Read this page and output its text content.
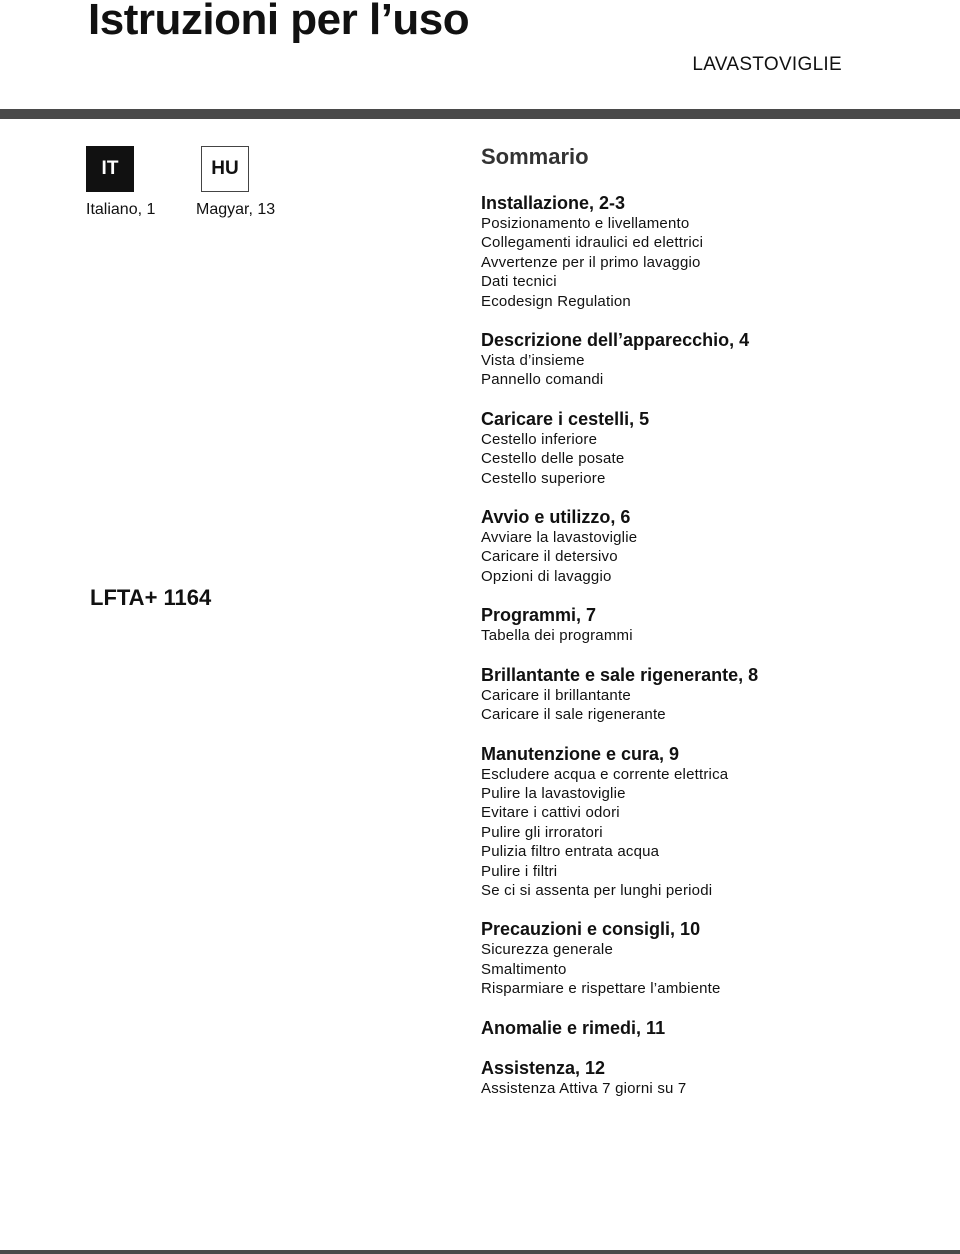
Istruzioni per l’uso
LAVASTOVIGLIE
IT	HU
Italiano, 1	Magyar, 13
LFTA+ 1164
Sommario
Installazione, 2-3
Posizionamento e livellamento
Collegamenti idraulici ed elettrici
Avvertenze per il primo lavaggio
Dati tecnici
Ecodesign Regulation
Descrizione dell’apparecchio, 4
Vista d’insieme
Pannello comandi
Caricare i cestelli, 5
Cestello inferiore
Cestello delle posate
Cestello superiore
Avvio e utilizzo, 6
Avviare la lavastoviglie
Caricare il detersivo
Opzioni di lavaggio
Programmi, 7
Tabella dei programmi
Brillantante e sale rigenerante, 8
Caricare il brillantante
Caricare il sale rigenerante
Manutenzione e cura, 9
Escludere acqua e corrente elettrica
Pulire la lavastoviglie
Evitare i cattivi odori
Pulire gli irroratori
Pulizia filtro entrata acqua
Pulire i filtri
Se ci si assenta per lunghi periodi
Precauzioni e consigli, 10
Sicurezza generale
Smaltimento
Risparmiare e rispettare l’ambiente
Anomalie e rimedi, 11
Assistenza, 12
Assistenza Attiva 7 giorni su 7
